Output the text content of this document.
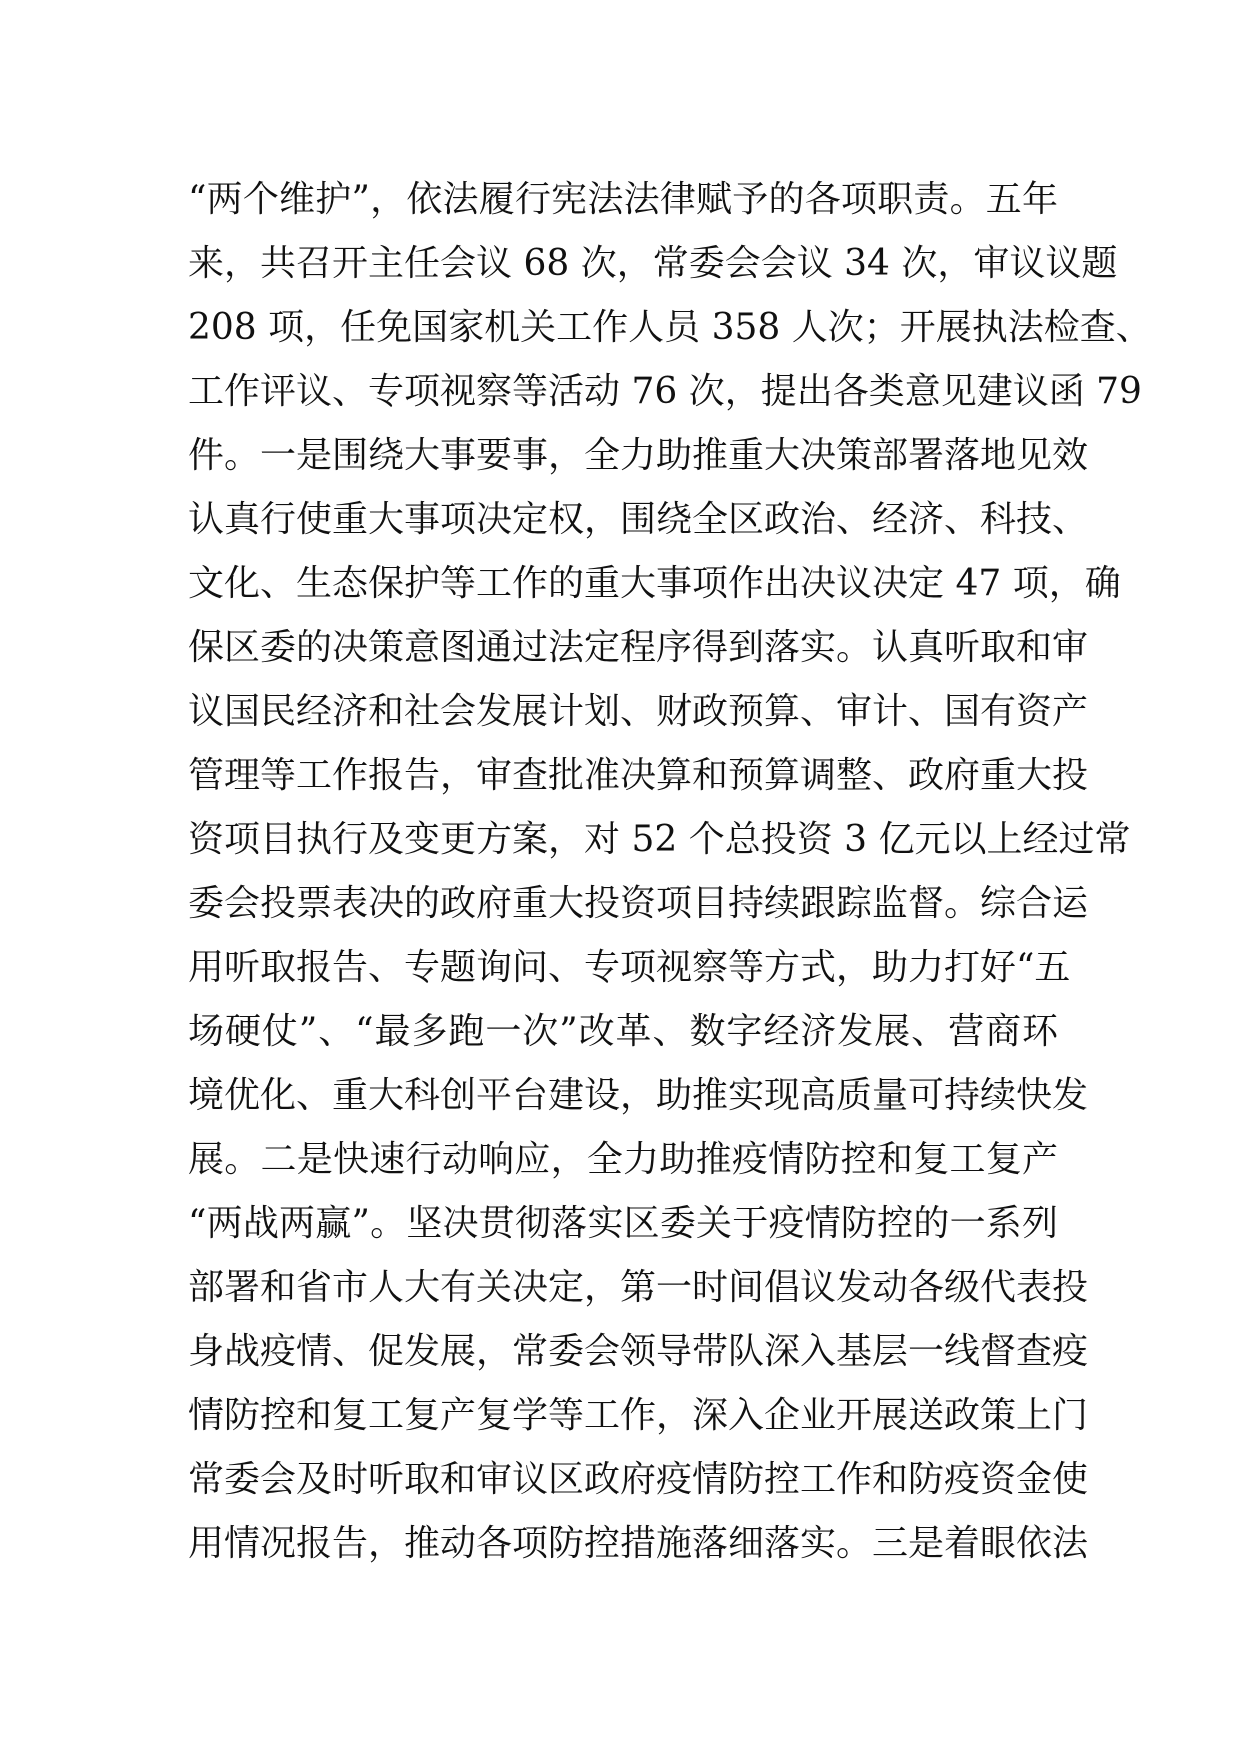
“两个维护”，依法履行宪法法律赋予的各项职责。五年
来，共召开主任会议 68 次，常委会会议 34 次，审议议题
208 项，任免国家机关工作人员 358 人次；开展执法检查、
工作评议、专项视察等活动 76 次，提出各类意见建议函 79
件。一是围绕大事要事，全力助推重大决策部署落地见效
认真行使重大事项决定权，围绕全区政治、经济、科技、
文化、生态保护等工作的重大事项作出决议决定 47 项，确
保区委的决策意图通过法定程序得到落实。认真听取和审
议国民经济和社会发展计划、财政预算、审计、国有资产
管理等工作报告，审查批准决算和预算调整、政府重大投
资项目执行及变更方案，对 52 个总投资 3 亿元以上经过常
委会投票表决的政府重大投资项目持续跟踪监督。综合运
用听取报告、专题询问、专项视察等方式，助力打好“五
场硬仗”、“最多跑一次”改革、数字经济发展、营商环
境优化、重大科创平台建设，助推实现高质量可持续快发
展。二是快速行动响应，全力助推疫情防控和复工复产
“两战两赢”。坚决贯彻落实区委关于疫情防控的一系列
部署和省市人大有关决定，第一时间倡议发动各级代表投
身战疫情、促发展，常委会领导带队深入基层一线督查疫
情防控和复工复产复学等工作，深入企业开展送政策上门
常委会及时听取和审议区政府疫情防控工作和防疫资金使
用情况报告，推动各项防控措施落细落实。三是着眼依法
